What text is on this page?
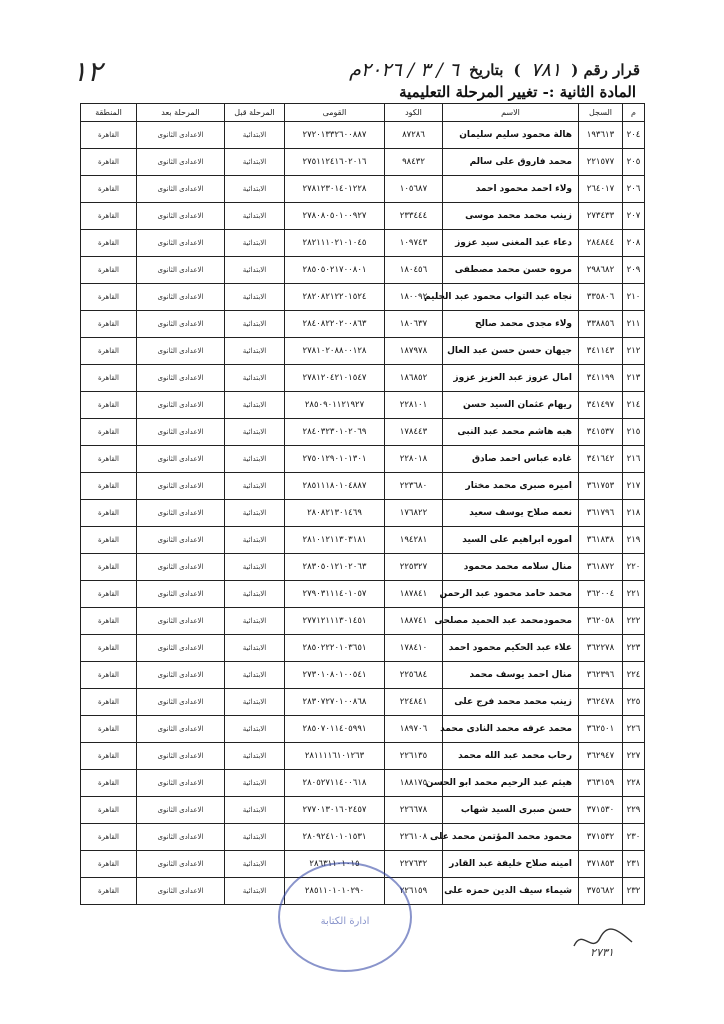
قرار رقم (
٧٨١
)
بتاريخ
٦ / ٣ / ٢٠٢٦م
١٢
المادة الثانية :- تغيير المرحلة التعليمية
م	السجل	الاسم	الكود	القومى	المرحلة قبل	المرحلة بعد	المنطقة
٢٠٤	١٩٣٦١٣	هالة محمود سليم سليمان	٨٧٢٨٦	٢٧٢٠١٣٣٢٦٠٠٨٨٧	الابتدائية	الاعدادى الثانوى	القاهرة
٢٠٥	٢٢١٥٧٧	محمد فاروق على سالم	٩٨٤٣٢	٢٧٥١١٢٤١٦٠٢٠١٦	الابتدائية	الاعدادى الثانوى	القاهرة
٢٠٦	٢٦٤٠١٧	ولاء احمد محمود احمد	١٠٥٦٨٧	٢٧٨١٢٣٠١٤٠١٢٢٨	الابتدائية	الاعدادى الثانوى	القاهرة
٢٠٧	٢٧٣٤٣٣	زينب محمد محمد موسى	٢٣٣٤٤٤	٢٧٨٠٨٠٥٠١٠٠٩٢٧	الابتدائية	الاعدادى الثانوى	القاهرة
٢٠٨	٢٨٤٨٤٤	دعاء عبد المغنى سيد عزوز	١٠٩٧٤٣	٢٨٢١١١٠٢١٠١٠٤٥	الابتدائية	الاعدادى الثانوى	القاهرة
٢٠٩	٢٩٨٦٨٢	مروه حسن محمد مصطفى	١٨٠٤٥٦	٢٨٥٠٥٠٢١٧٠٠٨٠١	الابتدائية	الاعدادى الثانوى	القاهرة
٢١٠	٣٣٥٨٠٦	نجاه عبد التواب محمود عبد الحليم	١٨٠٠٩٢	٢٨٢٠٨٢١٢٢٠١٥٢٤	الابتدائية	الاعدادى الثانوى	القاهرة
٢١١	٣٣٨٨٥٦	ولاء مجدى محمد صالح	١٨٠٦٣٧	٢٨٤٠٨٢٢٠٢٠٠٨٦٣	الابتدائية	الاعدادى الثانوى	القاهرة
٢١٢	٣٤١١٤٣	جيهان حسن حسن عبد العال	١٨٧٩٧٨	٢٧٨١٠٢٠٨٨٠٠١٢٨	الابتدائية	الاعدادى الثانوى	القاهرة
٢١٣	٣٤١١٩٩	امال عزوز عبد العزيز عزوز	١٨٦٨٥٢	٢٧٨١٢٠٤٢١٠١٥٤٧	الابتدائية	الاعدادى الثانوى	القاهرة
٢١٤	٣٤١٤٩٧	ريهام عثمان السيد حسن	٢٢٨١٠١	٢٨٥٠٩٠١١٢١٩٢٧	الابتدائية	الاعدادى الثانوى	القاهرة
٢١٥	٣٤١٥٣٧	هبه هاشم محمد عبد النبى	١٧٨٤٤٣	٢٨٤٠٣٢٣٠١٠٢٠٦٩	الابتدائية	الاعدادى الثانوى	القاهرة
٢١٦	٣٤١٦٤٢	غاده عباس احمد صادق	٢٢٨٠١٨	٢٧٥٠١٢٩٠١٠١٣٠١	الابتدائية	الاعدادى الثانوى	القاهرة
٢١٧	٣٦١٧٥٣	اميره صبرى محمد مختار	٢٢٣٦٨٠	٢٨٥١١١٨٠١٠٤٨٨٧	الابتدائية	الاعدادى الثانوى	القاهرة
٢١٨	٣٦١٧٩٦	نعمه صلاح يوسف سعيد	١٧٦٨٢٢	٢٨٠٨٢١٣٠١٤٦٩	الابتدائية	الاعدادى الثانوى	القاهرة
٢١٩	٣٦١٨٣٨	اموره ابراهيم على السيد	١٩٤٢٨١	٢٨١٠١٢١١٣٠٣١٨١	الابتدائية	الاعدادى الثانوى	القاهرة
٢٢٠	٣٦١٨٧٢	منال سلامه محمد محمود	٢٢٥٣٢٧	٢٨٣٠٥٠١٢١٠٢٠٦٣	الابتدائية	الاعدادى الثانوى	القاهرة
٢٢١	٣٦٢٠٠٤	محمد حامد محمود عبد الرحمن	١٨٧٨٤١	٢٧٩٠٣١١١٤٠١٠٥٧	الابتدائية	الاعدادى الثانوى	القاهرة
٢٢٢	٣٦٢٠٥٨	محمودمحمد عبد الحميد مصلحى	١٨٨٧٤١	٢٧٧١٢١١١٣٠١٤٥١	الابتدائية	الاعدادى الثانوى	القاهرة
٢٢٣	٣٦٢٢٧٨	علاء عبد الحكيم محمود احمد	١٧٨٤١٠	٢٨٥٠٢٢٢٠١٠٣٦٥١	الابتدائية	الاعدادى الثانوى	القاهرة
٢٢٤	٣٦٢٣٩٦	منال احمد يوسف محمد	٢٢٥٦٨٤	٢٧٣٠١٠٨٠١٠٠٥٤١	الابتدائية	الاعدادى الثانوى	القاهرة
٢٢٥	٣٦٢٤٧٨	زينب محمد محمد فرج على	٢٢٤٨٤١	٢٨٣٠٧٢٧٠١٠٠٨٦٨	الابتدائية	الاعدادى الثانوى	القاهرة
٢٢٦	٣٦٢٥٠١	محمد عرفه محمد النادى محمد	١٨٩٧٠٦	٢٨٥٠٧٠١١٤٠٥٩٩١	الابتدائية	الاعدادى الثانوى	القاهرة
٢٢٧	٣٦٢٩٤٧	رحاب محمد عبد الله محمد	٢٢٦١٣٥	٢٨١١١١٦١٠١٢٦٣	الابتدائية	الاعدادى الثانوى	القاهرة
٢٢٨	٣٦٣١٥٩	هيثم عبد الرحيم محمد ابو الحسن	١٨٨١٧٥	٢٨٠٥٢٧١١٤٠٠٦١٨	الابتدائية	الاعدادى الثانوى	القاهرة
٢٢٩	٣٧١٥٣٠	حسن صبرى السيد شهاب	٢٢٦٦٧٨	٢٧٧٠١٣٠١٦٠٢٤٥٧	الابتدائية	الاعدادى الثانوى	القاهرة
٢٣٠	٣٧١٥٣٢	محمود محمد المؤتمن محمد على	٢٢٦١٠٨	٢٨٠٩٢٤١٠١٠١٥٣١	الابتدائية	الاعدادى الثانوى	القاهرة
٢٣١	٣٧١٨٥٣	امينه صلاح خليفة عبد القادر	٢٢٧٦٣٢	٢٨٦٣١١٠١٠١٥	الابتدائية	الاعدادى الثانوى	القاهرة
٢٣٢	٣٧٥٦٨٢	شيماء سيف الدين حمزه على	٢٢٦١٥٩	٢٨٥١١٠١٠١٠٢٩٠	الابتدائية	الاعدادى الثانوى	القاهرة
ادارة الكتابة
٢٧٣١
